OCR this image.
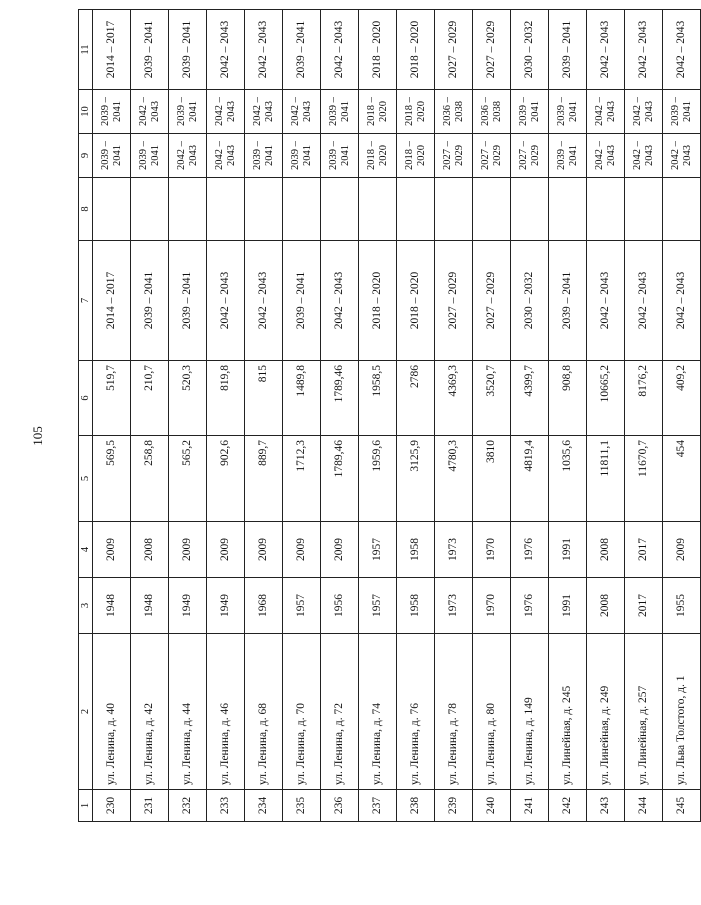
105
1	2	3	4	5	6	7	8	9	10	11
230	ул. Ленина, д. 40	1948	2009	569,5	519,7	2014 – 2017		2039 – 2041	2039 – 2041	2014 – 2017
231	ул. Ленина, д. 42	1948	2008	258,8	210,7	2039 – 2041		2039 – 2041	2042 – 2043	2039 – 2041
232	ул. Ленина, д. 44	1949	2009	565,2	520,3	2039 – 2041		2042 – 2043	2039 – 2041	2039 – 2041
233	ул. Ленина, д. 46	1949	2009	902,6	819,8	2042 – 2043		2042 – 2043	2042 – 2043	2042 – 2043
234	ул. Ленина, д. 68	1968	2009	889,7	815	2042 – 2043		2039 – 2041	2042 – 2043	2042 – 2043
235	ул. Ленина, д. 70	1957	2009	1712,3	1489,8	2039 – 2041		2039 – 2041	2042 – 2043	2039 – 2041
236	ул. Ленина, д. 72	1956	2009	1789,46	1789,46	2042 – 2043		2039 – 2041	2039 – 2041	2042 – 2043
237	ул. Ленина, д. 74	1957	1957	1959,6	1958,5	2018 – 2020		2018 – 2020	2018 – 2020	2018 – 2020
238	ул. Ленина, д. 76	1958	1958	3125,9	2786	2018 – 2020		2018 – 2020	2018 – 2020	2018 – 2020
239	ул. Ленина, д. 78	1973	1973	4780,3	4369,3	2027 – 2029		2027 – 2029	2036 – 2038	2027 – 2029
240	ул. Ленина, д. 80	1970	1970	3810	3520,7	2027 – 2029		2027 – 2029	2036 – 2038	2027 – 2029
241	ул. Ленина, д. 149	1976	1976	4819,4	4399,7	2030 – 2032		2027 – 2029	2039 – 2041	2030 – 2032
242	ул. Линейная, д. 245	1991	1991	1035,6	908,8	2039 – 2041		2039 – 2041	2039 – 2041	2039 – 2041
243	ул. Линейная, д. 249	2008	2008	11811,1	10665,2	2042 – 2043		2042 – 2043	2042 – 2043	2042 – 2043
244	ул. Линейная, д. 257	2017	2017	11670,7	8176,2	2042 – 2043		2042 – 2043	2042 – 2043	2042 – 2043
245	ул. Льва Толстого, д. 1	1955	2009	454	409,2	2042 – 2043		2042 – 2043	2039 – 2041	2042 – 2043
